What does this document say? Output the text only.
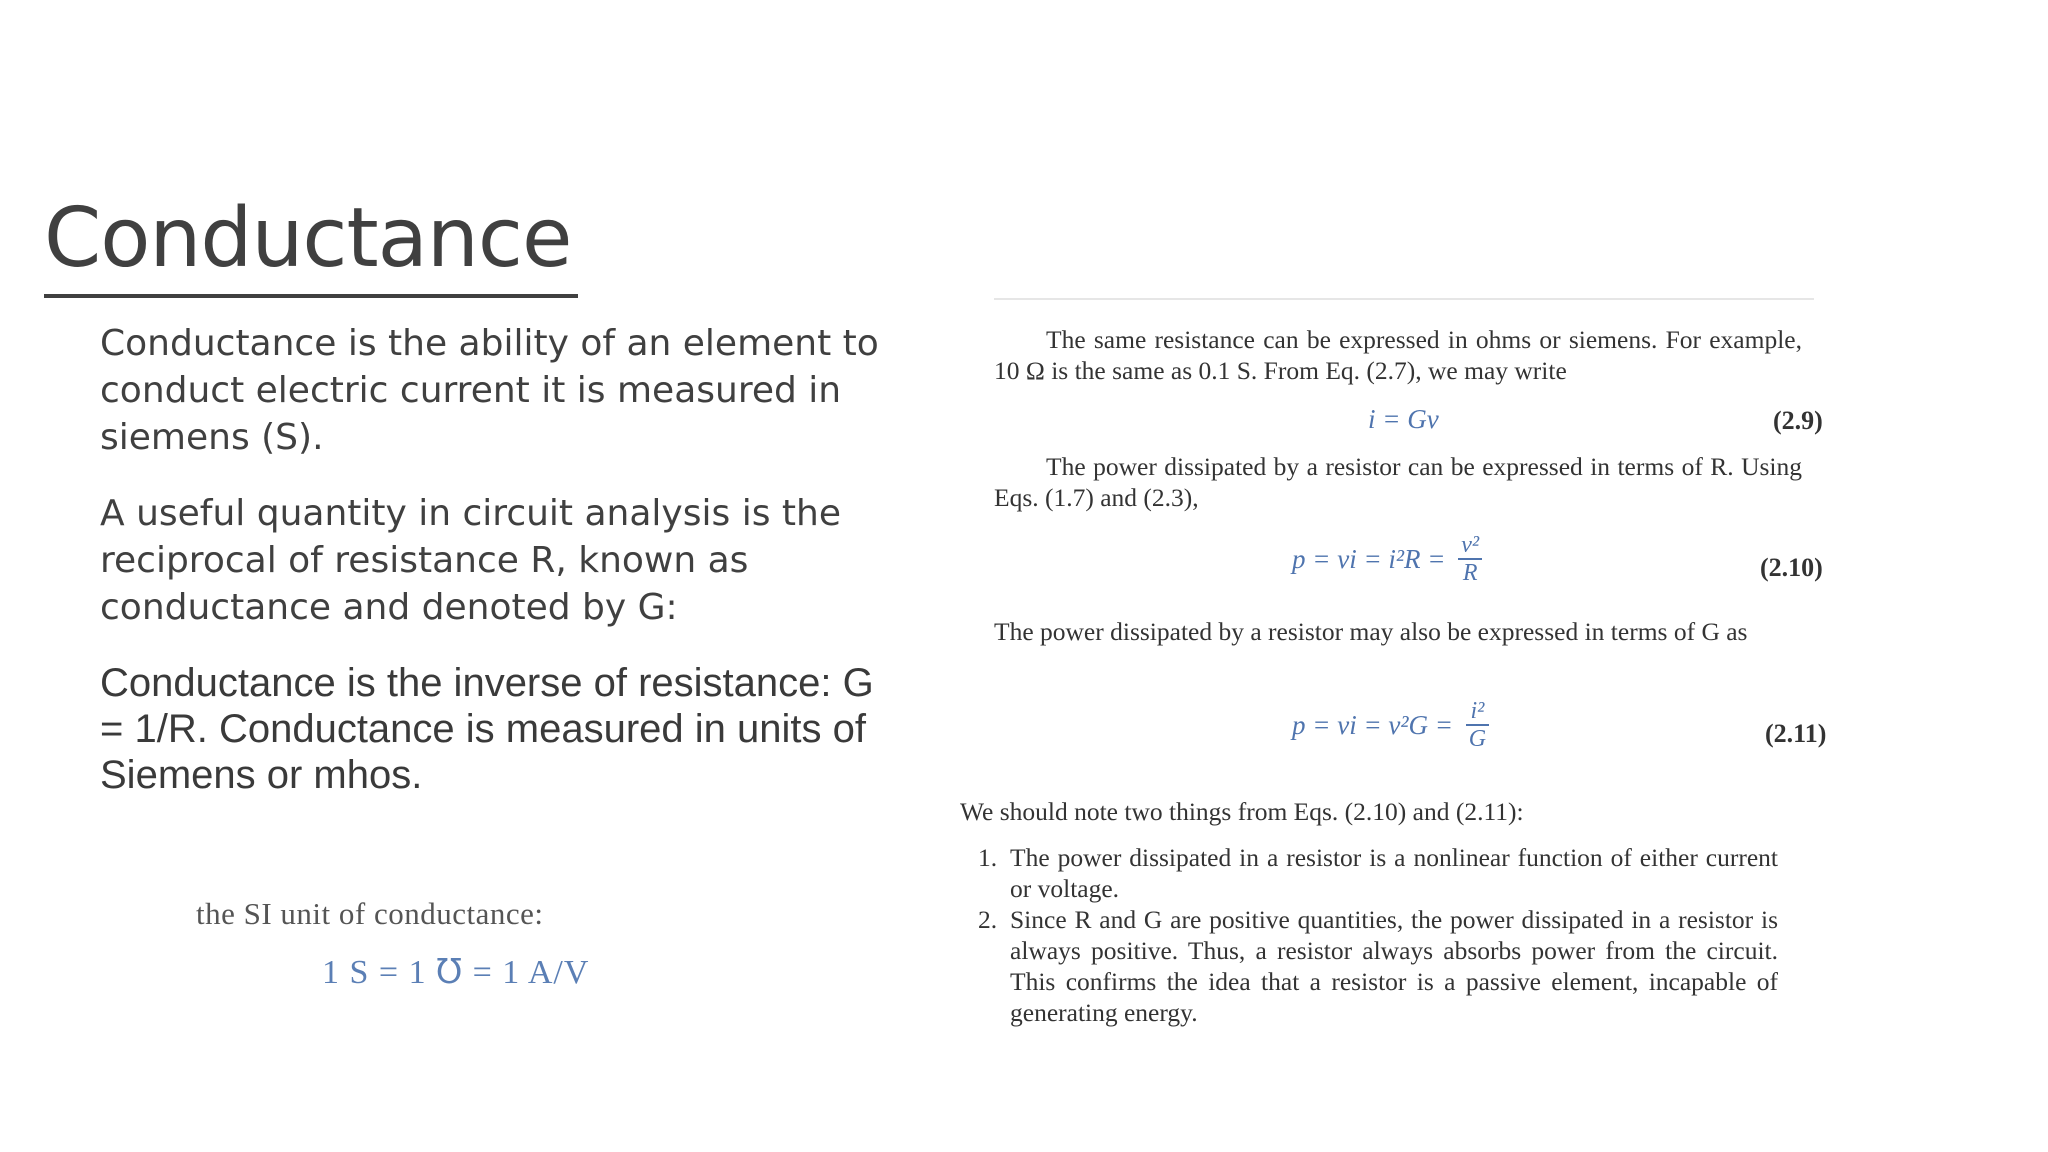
Conductance

Conductance is the ability of an element to conduct electric current it is measured in siemens (S).

A useful quantity in circuit analysis is the reciprocal of resistance R, known as conductance and denoted by G:

Conductance is the inverse of resistance: G = 1/R. Conductance is measured in units of Siemens or mhos.

the SI unit of conductance:
1 S = 1 ℧ = 1 A/V

The same resistance can be expressed in ohms or siemens. For example, 10 Ω is the same as 0.1 S. From Eq. (2.7), we may write

i = Gv	(2.9)

The power dissipated by a resistor can be expressed in terms of R. Using Eqs. (1.7) and (2.3),

p = vi = $i^2R = \frac{\text{v²}}{R}$	(2.10)

The power dissipated by a resistor may also be expressed in terms of G as

p = vi = $v^2G = \frac{\text{i²}}{G}$	(2.11)

We should note two things from Eqs. (2.10) and (2.11):

1. The power dissipated in a resistor is a nonlinear function of either current or voltage.
2. Since R and G are positive quantities, the power dissipated in a resistor is always positive. Thus, a resistor always absorbs power from the circuit. This confirms the idea that a resistor is a passive element, incapable of generating energy.
